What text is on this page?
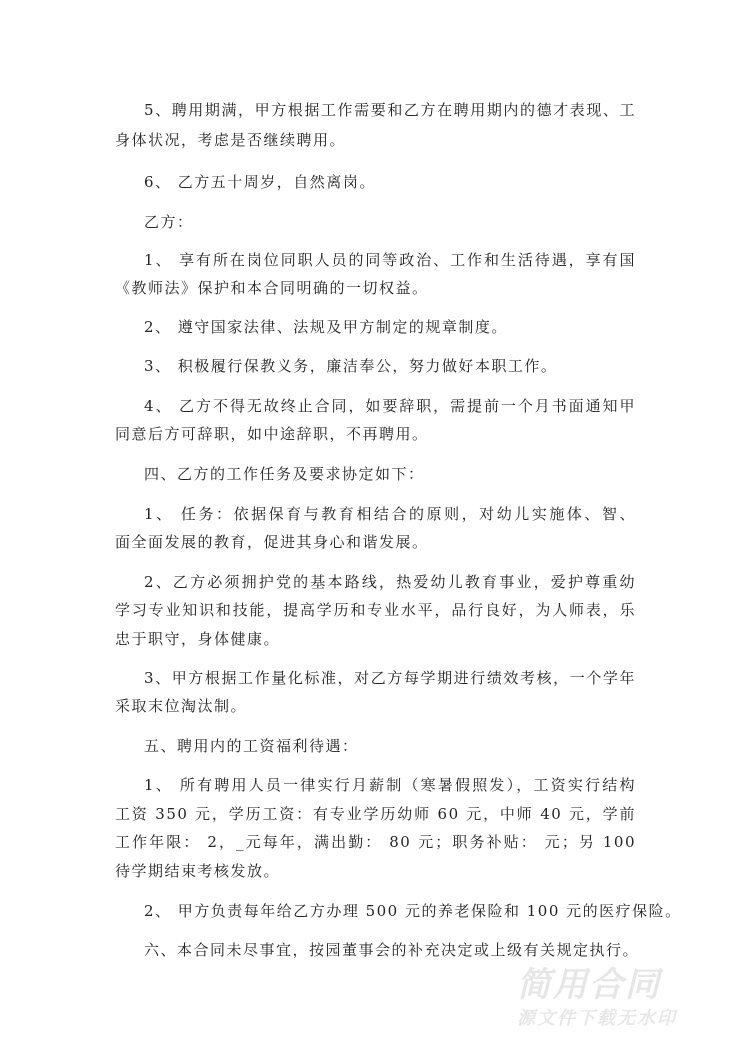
5、聘用期满，甲方根据工作需要和乙方在聘用期内的德才表现、工
身体状况，考虑是否继续聘用。
6、 乙方五十周岁，自然离岗。
乙方：
1、 享有所在岗位同职人员的同等政治、工作和生活待遇，享有国
《教师法》保护和本合同明确的一切权益。
2、 遵守国家法律、法规及甲方制定的规章制度。
3、 积极履行保教义务，廉洁奉公，努力做好本职工作。
4、 乙方不得无故终止合同，如要辞职，需提前一个月书面通知甲
同意后方可辞职，如中途辞职，不再聘用。
四、乙方的工作任务及要求协定如下：
1、 任务：依据保育与教育相结合的原则，对幼儿实施体、智、
面全面发展的教育，促进其身心和谐发展。
2、乙方必须拥护党的基本路线，热爱幼儿教育事业，爱护尊重幼
学习专业知识和技能，提高学历和专业水平，品行良好，为人师表，乐
忠于职守，身体健康。
3、甲方根据工作量化标准，对乙方每学期进行绩效考核，一个学年
采取末位淘汰制。
五、聘用内的工资福利待遇：
1、 所有聘用人员一律实行月薪制（寒暑假照发），工资实行结构
工资 350 元，学历工资：有专业学历幼师 60 元，中师 40 元，学前
工作年限： 2，_元每年，满出勤： 80 元；职务补贴： 元；另 100
待学期结束考核发放。
2、 甲方负责每年给乙方办理 500 元的养老保险和 100 元的医疗保险。
六、本合同未尽事宜，按园董事会的补充决定或上级有关规定执行。
简用合同
源文件下载无水印
